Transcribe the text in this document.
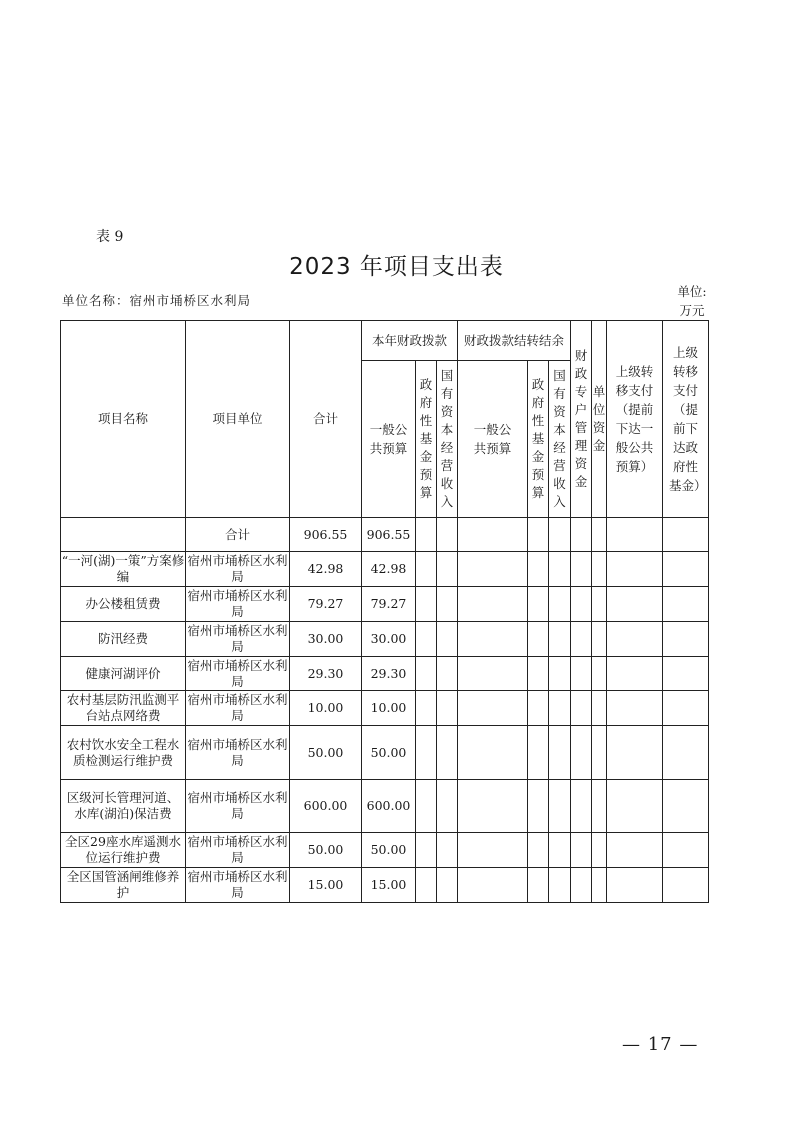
表 9
2023 年项目支出表
单位名称：宿州市埇桥区水利局
单位:万元
项目名称	项目单位	合计	本年财政拨款			财政拨款结转结余			财政专户管理资金	单位资金	上级转移支付（提前下达一般公共预算）	上级转移支付（提前下达政府性基金）

			一般公共预算	政府性基金预算	国有资本经营收入	一般公共预算	政府性基金预算	国有资本经营收入				
	合计	906.55	906.55									
“一河(湖)一策”方案修编	宿州市埇桥区水利局	42.98	42.98									
办公楼租赁费	宿州市埇桥区水利局	79.27	79.27									
防汛经费	宿州市埇桥区水利局	30.00	30.00									
健康河湖评价	宿州市埇桥区水利局	29.30	29.30									
农村基层防汛监测平台站点网络费	宿州市埇桥区水利局	10.00	10.00									
农村饮水安全工程水质检测运行维护费	宿州市埇桥区水利局	50.00	50.00									
区级河长管理河道、水库(湖泊)保洁费	宿州市埇桥区水利局	600.00	600.00									
全区29座水库遥测水位运行维护费	宿州市埇桥区水利局	50.00	50.00									
全区国管涵闸维修养护	宿州市埇桥区水利局	15.00	15.00									
— 17 —
